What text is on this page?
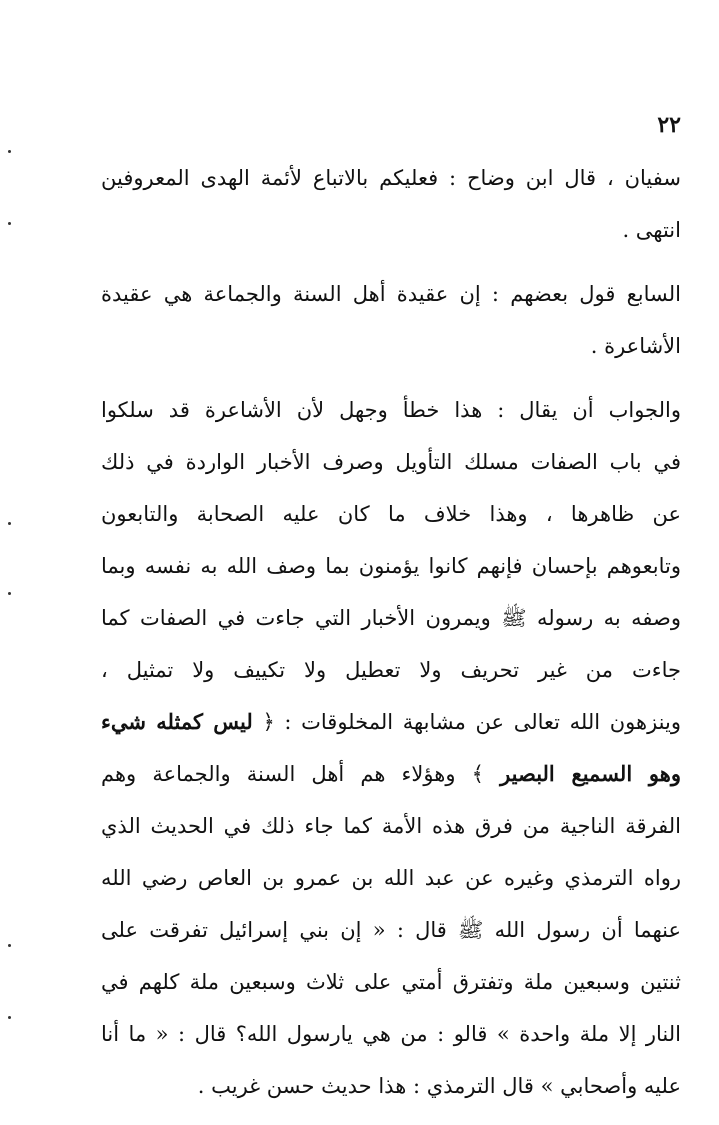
٢٢
سفيان ، قال ابن وضاح : فعليكم بالاتباع لأئمة الهدى المعروفين
انتهى .
السابع قول بعضهم : إن عقيدة أهل السنة والجماعة هي عقيدة
الأشاعرة .
والجواب أن يقال : هذا خطأ وجهل لأن الأشاعرة قد سلكوا
في باب الصفات مسلك التأويل وصرف الأخبار الواردة في ذلك
عن ظاهرها ، وهذا خلاف ما كان عليه الصحابة والتابعون
وتابعوهم بإحسان فإنهم كانوا يؤمنون بما وصف الله به نفسه وبما
وصفه به رسوله ﷺ ويمرون الأخبار التي جاءت في الصفات كما
جاءت من غير تحريف ولا تعطيل ولا تكييف ولا تمثيل ،
وينزهون الله تعالى عن مشابهة المخلوقات : ﴿ ليس كمثله شيء
وهو السميع البصير ﴾ وهؤلاء هم أهل السنة والجماعة وهم
الفرقة الناجية من فرق هذه الأمة كما جاء ذلك في الحديث الذي
رواه الترمذي وغيره عن عبد الله بن عمرو بن العاص رضي الله
عنهما أن رسول الله ﷺ قال : « إن بني إسرائيل تفرقت على
ثنتين وسبعين ملة وتفترق أمتي على ثلاث وسبعين ملة كلهم في
النار إلا ملة واحدة » قالو : من هي يارسول الله؟ قال : « ما أنا
عليه وأصحابي » قال الترمذي : هذا حديث حسن غريب .
